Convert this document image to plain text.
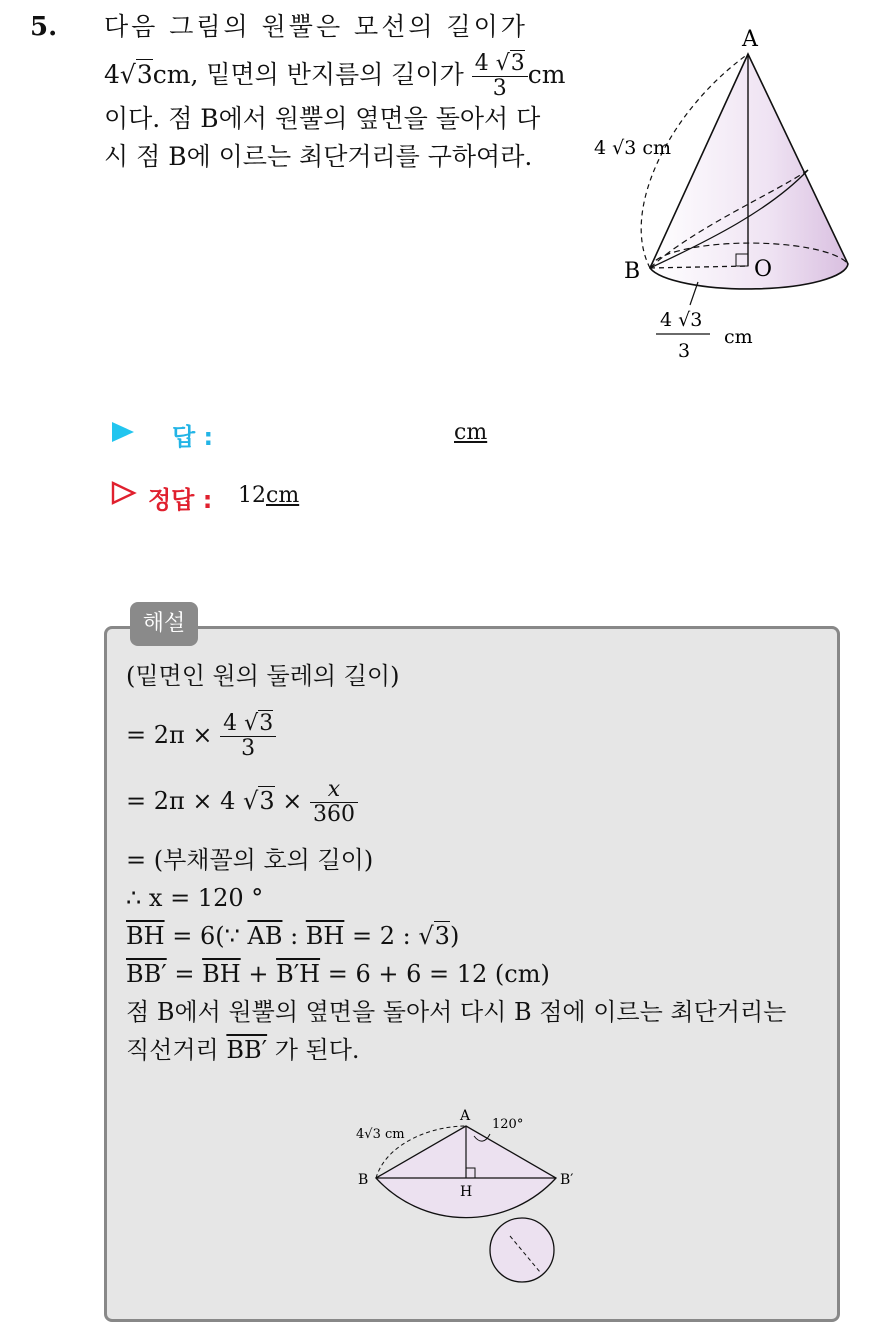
5. 다음 그림의 원뿔은 모선의 길이가
4√3cm, 밑면의 반지름의 길이가 $\frac{4 √3}{3}$ cm
이다. 점 B에서 원뿔의 옆면을 돌아서 다
시 점 B에 이르는 최단거리를 구하여라.
A
B	O
4 √3 cm
4 √3
3
cm
답 :	cm
정답 : 12cm
해설
(밑면인 원의 둘레의 길이)
= $2\pi \times \frac{4 √3}{3}$
= 2π × 4 $√3 \times \frac{x}{360}$
= (부채꼴의 호의 길이)
∴ x = 120 °
$\overline{BH}$ = 6(∵ $\overline{AB}$ : $\overline{BH} = 2$ : √3)
$BB' = \overline{BH} + B'H = 6 + 6 = 12$ (cm)
점 B에서 원뿔의 옆면을 돌아서 다시 B 점에 이르는 최단거리는
직선거리 BB′ 가 된다.
A
B	B′
H
120°
4√3 cm
